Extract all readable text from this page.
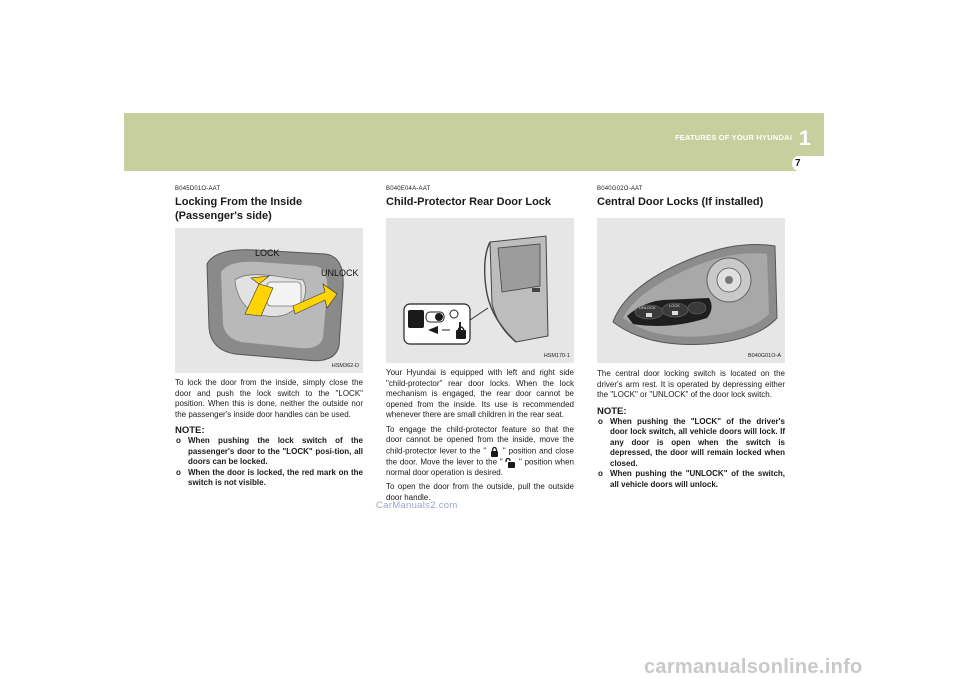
FEATURES OF YOUR HYUNDAI 1
7
B045D01O-AAT
Locking From the Inside
(Passenger's side)
LOCK
UNLOCK
HSM362-D
To lock the door from the inside, simply close the door and push the lock switch to the "LOCK" position. When this is done, neither the outside nor the passenger's inside door handles can be used.
NOTE:
o When pushing the lock switch of the passenger's door to the "LOCK" posi-tion, all doors can be locked.
o When the door is locked, the red mark on the switch is not visible.
B040E04A-AAT
Child-Protector Rear Door Lock
HSM170-1
Your Hyundai is equipped with left and right side "child-protector" rear door locks. When the lock mechanism is engaged, the rear door cannot be opened from the inside. Its use is recommended whenever there are small children in the rear seat.
To engage the child-protector feature so that the door cannot be opened from the inside, move the child-protector lever to the " " position and close the door. Move the lever to the " " position when normal door operation is desired.
To open the door from the outside, pull the outside door handle.
B040G02O-AAT
Central Door Locks (If installed)
UNLOCK	LOCK
B040G01O-A
The central door locking switch is located on the driver's arm rest. It is operated by depressing either the "LOCK" or "UNLOCK" of the door lock switch.
NOTE:
o When pushing the "LOCK" of the driver's door lock switch, all vehicle doors will lock. If any door is open when the switch is depressed, the door will remain locked when closed.
o When pushing the "UNLOCK" of the switch, all vehicle doors will unlock.
CarManuals2.com
carmanualsonline.info
